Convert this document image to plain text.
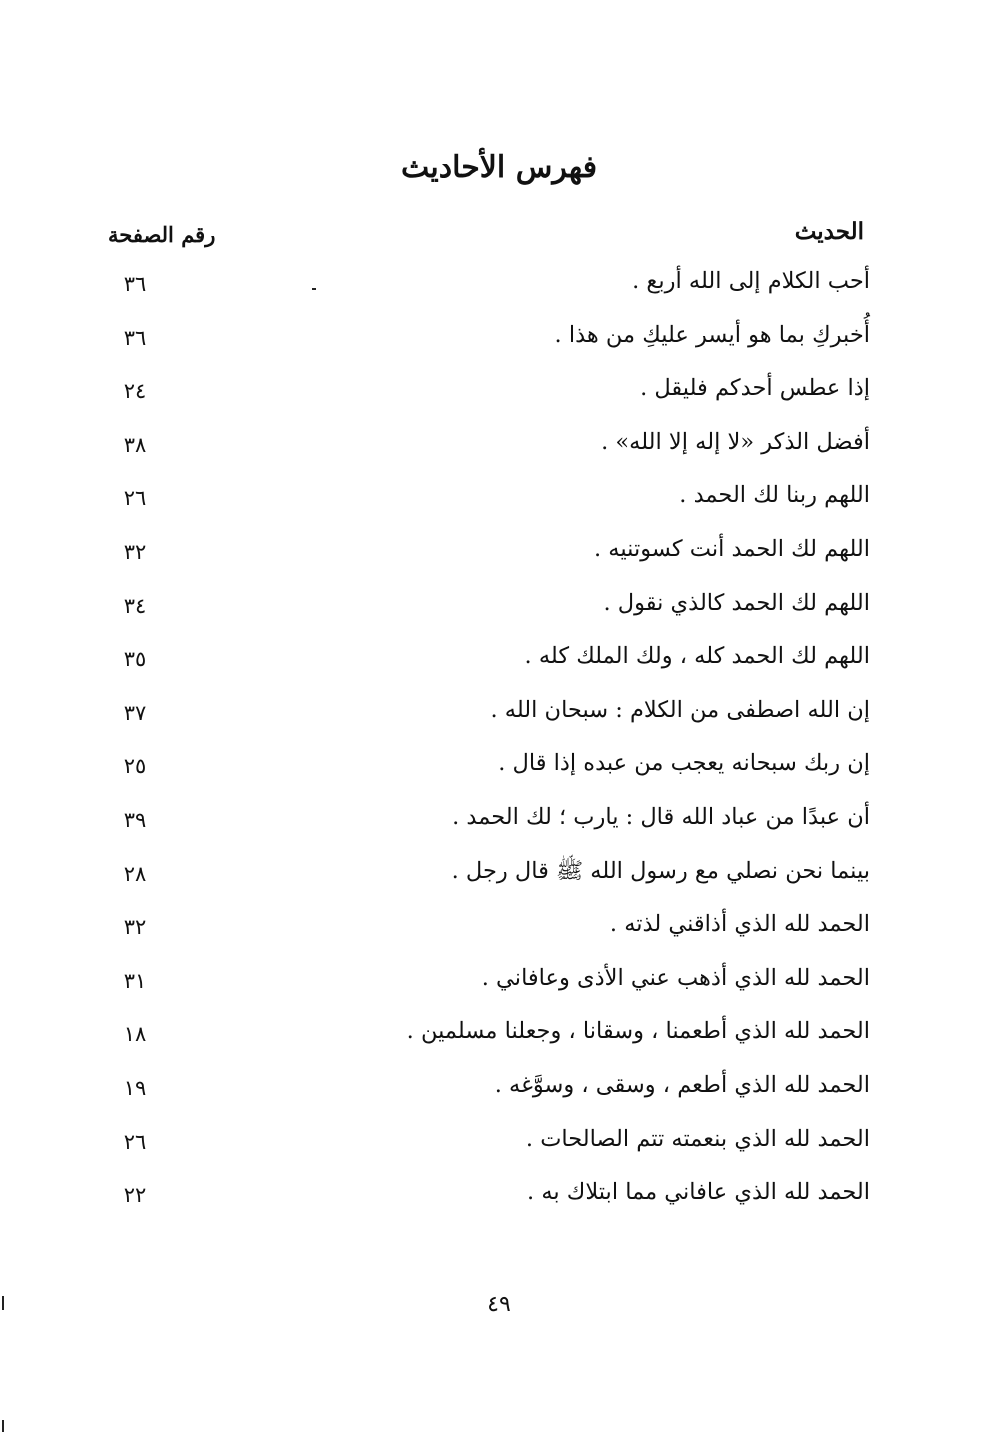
فهرس الأحاديث
الحديث
رقم الصفحة
أحب الكلام إلى الله أربع .
٣٦
أُخبركِ بما هو أيسر عليكِ من هذا .
٣٦
إذا عطس أحدكم فليقل .
٢٤
أفضل الذكر «لا إله إلا الله» .
٣٨
اللهم ربنا لك الحمد .
٢٦
اللهم لك الحمد أنت كسوتنيه .
٣٢
اللهم لك الحمد كالذي نقول .
٣٤
اللهم لك الحمد كله ، ولك الملك كله .
٣٥
إن الله اصطفى من الكلام : سبحان الله .
٣٧
إن ربك سبحانه يعجب من عبده إذا قال .
٢٥
أن عبدًا من عباد الله قال : يارب ؛ لك الحمد .
٣٩
بينما نحن نصلي مع رسول الله ﷺ قال رجل .
٢٨
الحمد لله الذي أذاقني لذته .
٣٢
الحمد لله الذي أذهب عني الأذى وعافاني .
٣١
الحمد لله الذي أطعمنا ، وسقانا ، وجعلنا مسلمين .
١٨
الحمد لله الذي أطعم ، وسقى ، وسوَّغه .
١٩
الحمد لله الذي بنعمته تتم الصالحات .
٢٦
الحمد لله الذي عافاني مما ابتلاك به .
٢٢
٤٩
